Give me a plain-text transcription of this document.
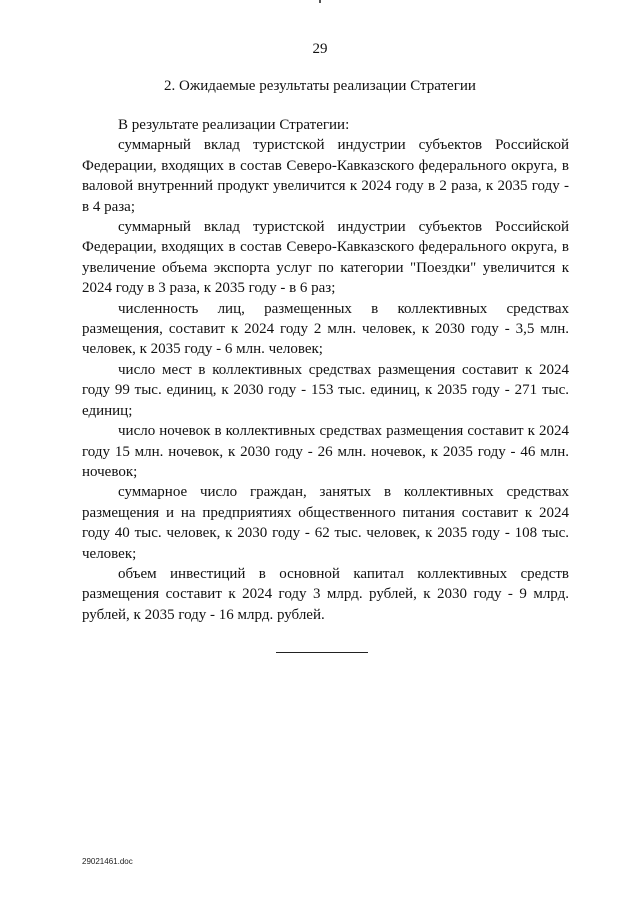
29
2. Ожидаемые результаты реализации Стратегии

В результате реализации Стратегии:

суммарный вклад туристской индустрии субъектов Российской Федерации, входящих в состав Северо-Кавказского федерального округа, в валовой внутренний продукт увеличится к 2024 году в 2 раза, к 2035 году - в 4 раза;

суммарный вклад туристской индустрии субъектов Российской Федерации, входящих в состав Северо-Кавказского федерального округа, в увеличение объема экспорта услуг по категории "Поездки" увеличится к 2024 году в 3 раза, к 2035 году - в 6 раз;

численность лиц, размещенных в коллективных средствах размещения, составит к 2024 году 2 млн. человек, к 2030 году - 3,5 млн. человек, к 2035 году - 6 млн. человек;

число мест в коллективных средствах размещения составит к 2024 году 99 тыс. единиц, к 2030 году - 153 тыс. единиц, к 2035 году - 271 тыс. единиц;

число ночевок в коллективных средствах размещения составит к 2024 году 15 млн. ночевок, к 2030 году - 26 млн. ночевок, к 2035 году - 46 млн. ночевок;

суммарное число граждан, занятых в коллективных средствах размещения и на предприятиях общественного питания составит к 2024 году 40 тыс. человек, к 2030 году - 62 тыс. человек, к 2035 году - 108 тыс. человек;

объем инвестиций в основной капитал коллективных средств размещения составит к 2024 году 3 млрд. рублей, к 2030 году - 9 млрд. рублей, к 2035 году - 16 млрд. рублей.

29021461.doc
